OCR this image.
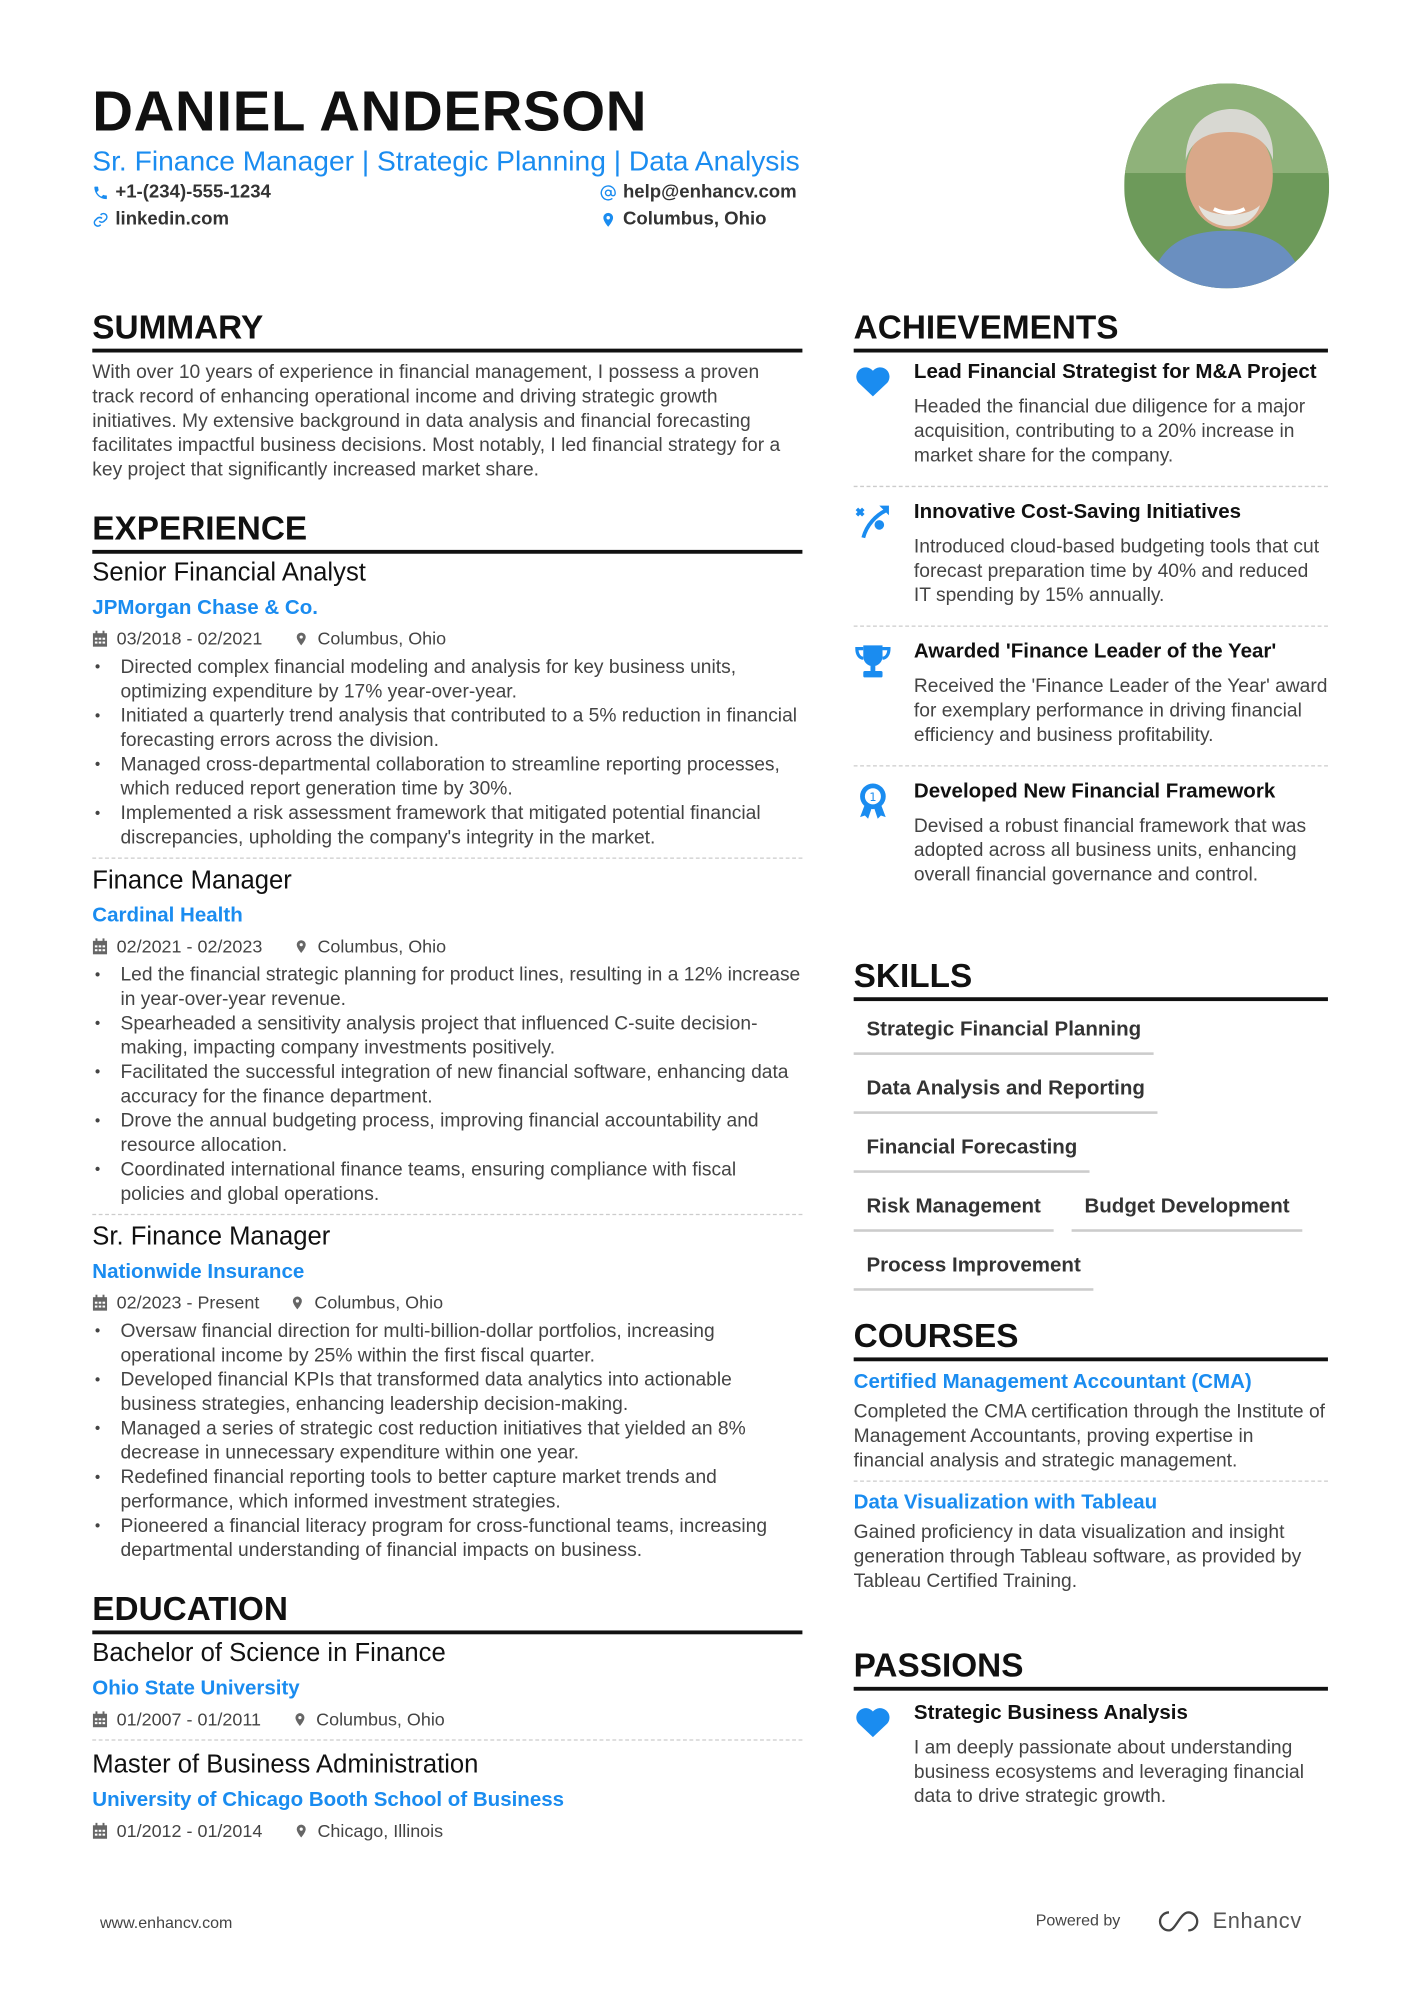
DANIEL ANDERSON
Sr. Finance Manager | Strategic Planning | Data Analysis
+1-(234)-555-1234	help@enhancv.com
linkedin.com	Columbus, Ohio
SUMMARY
With over 10 years of experience in financial management, I possess a proven track record of enhancing operational income and driving strategic growth initiatives. My extensive background in data analysis and financial forecasting facilitates impactful business decisions. Most notably, I led financial strategy for a key project that significantly increased market share.
EXPERIENCE
Senior Financial Analyst
JPMorgan Chase & Co.
03/2018 - 02/2021	Columbus, Ohio
• Directed complex financial modeling and analysis for key business units, optimizing expenditure by 17% year-over-year.
• Initiated a quarterly trend analysis that contributed to a 5% reduction in financial forecasting errors across the division.
• Managed cross-departmental collaboration to streamline reporting processes, which reduced report generation time by 30%.
• Implemented a risk assessment framework that mitigated potential financial discrepancies, upholding the company's integrity in the market.
Finance Manager
Cardinal Health
02/2021 - 02/2023	Columbus, Ohio
• Led the financial strategic planning for product lines, resulting in a 12% increase in year-over-year revenue.
• Spearheaded a sensitivity analysis project that influenced C-suite decision-making, impacting company investments positively.
• Facilitated the successful integration of new financial software, enhancing data accuracy for the finance department.
• Drove the annual budgeting process, improving financial accountability and resource allocation.
• Coordinated international finance teams, ensuring compliance with fiscal policies and global operations.
Sr. Finance Manager
Nationwide Insurance
02/2023 - Present	Columbus, Ohio
• Oversaw financial direction for multi-billion-dollar portfolios, increasing operational income by 25% within the first fiscal quarter.
• Developed financial KPIs that transformed data analytics into actionable business strategies, enhancing leadership decision-making.
• Managed a series of strategic cost reduction initiatives that yielded an 8% decrease in unnecessary expenditure within one year.
• Redefined financial reporting tools to better capture market trends and performance, which informed investment strategies.
• Pioneered a financial literacy program for cross-functional teams, increasing departmental understanding of financial impacts on business.
EDUCATION
Bachelor of Science in Finance
Ohio State University
01/2007 - 01/2011	Columbus, Ohio
Master of Business Administration
University of Chicago Booth School of Business
01/2012 - 01/2014	Chicago, Illinois
ACHIEVEMENTS
Lead Financial Strategist for M&A Project
Headed the financial due diligence for a major acquisition, contributing to a 20% increase in market share for the company.
Innovative Cost-Saving Initiatives
Introduced cloud-based budgeting tools that cut forecast preparation time by 40% and reduced IT spending by 15% annually.
Awarded 'Finance Leader of the Year'
Received the 'Finance Leader of the Year' award for exemplary performance in driving financial efficiency and business profitability.
1 Developed New Financial Framework
Devised a robust financial framework that was adopted across all business units, enhancing overall financial governance and control.
SKILLS
Strategic Financial Planning
Data Analysis and Reporting
Financial Forecasting
Risk Management	Budget Development
Process Improvement
COURSES
Certified Management Accountant (CMA)
Completed the CMA certification through the Institute of Management Accountants, proving expertise in financial analysis and strategic management.
Data Visualization with Tableau
Gained proficiency in data visualization and insight generation through Tableau software, as provided by Tableau Certified Training.
PASSIONS
Strategic Business Analysis
I am deeply passionate about understanding business ecosystems and leveraging financial data to drive strategic growth.
www.enhancv.com	Powered by	Enhancv
